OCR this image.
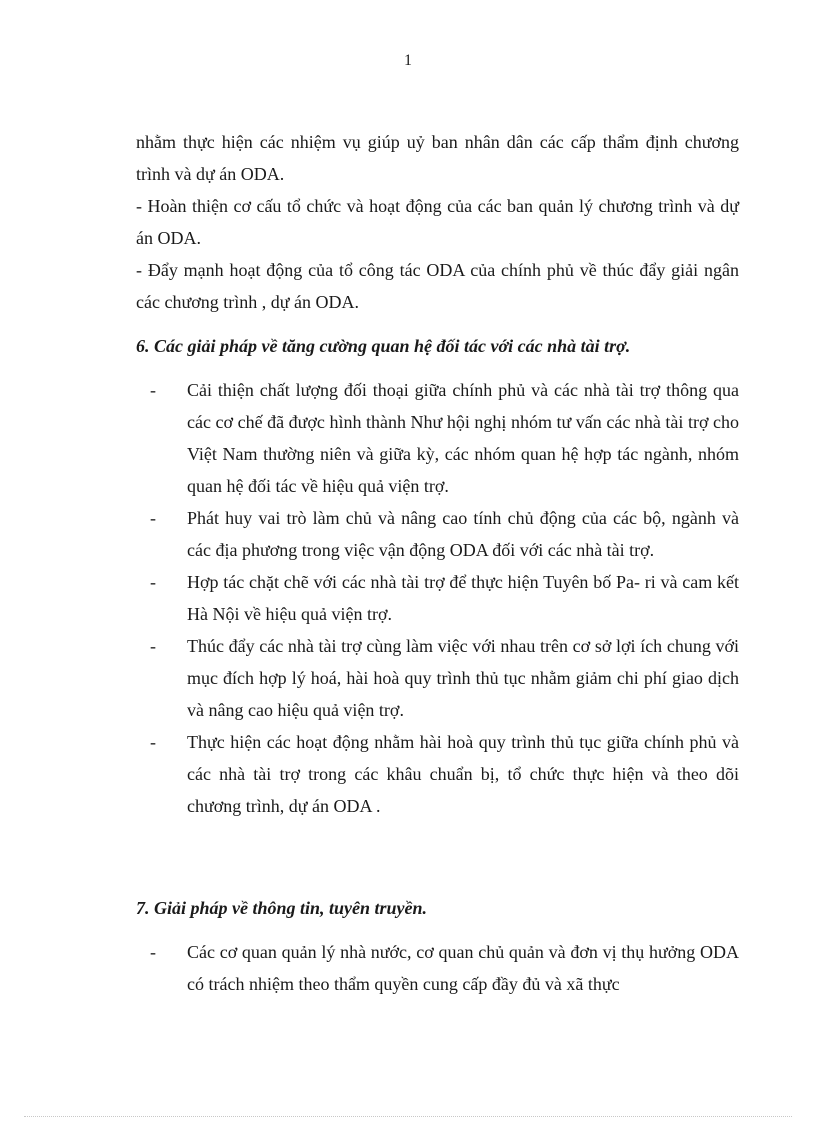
1

nhằm thực hiện các nhiệm vụ giúp uỷ ban nhân dân các cấp thẩm định chương trình và dự án ODA.

- Hoàn thiện cơ cấu tổ chức và hoạt động của các ban quản lý chương trình và dự án ODA.

- Đẩy mạnh hoạt động của tổ công tác ODA của chính phủ về thúc đẩy giải ngân các chương trình , dự án ODA.

6. Các giải pháp về tăng cường quan hệ đối tác với các nhà tài trợ.

- Cải thiện chất lượng đối thoại giữa chính phủ và các nhà tài trợ thông qua các cơ chế đã được hình thành Như hội nghị nhóm tư vấn các nhà tài trợ cho Việt Nam thường niên và giữa kỳ, các nhóm quan hệ hợp tác ngành, nhóm quan hệ đối tác về hiệu quả viện trợ.
- Phát huy vai trò làm chủ và nâng cao tính chủ động của các bộ, ngành và các địa phương trong việc vận động ODA đối với các nhà tài trợ.
- Hợp tác chặt chẽ với các nhà tài trợ để thực hiện Tuyên bố Pa- ri và cam kết Hà Nội về hiệu quả viện trợ.
- Thúc đẩy các nhà tài trợ cùng làm việc với nhau trên cơ sở lợi ích chung với mục đích hợp lý hoá, hài hoà quy trình thủ tục nhằm giảm chi phí giao dịch và nâng cao hiệu quả viện trợ.
- Thực hiện các hoạt động nhằm hài hoà quy trình thủ tục giữa chính phủ và các nhà tài trợ trong các khâu chuẩn bị, tổ chức thực hiện và theo dõi chương trình, dự án ODA .

7. Giải pháp về thông tin, tuyên truyền.

- Các cơ quan quản lý nhà nước, cơ quan chủ quản và đơn vị thụ hưởng ODA có trách nhiệm theo thẩm quyền cung cấp đầy đủ và xã thực
